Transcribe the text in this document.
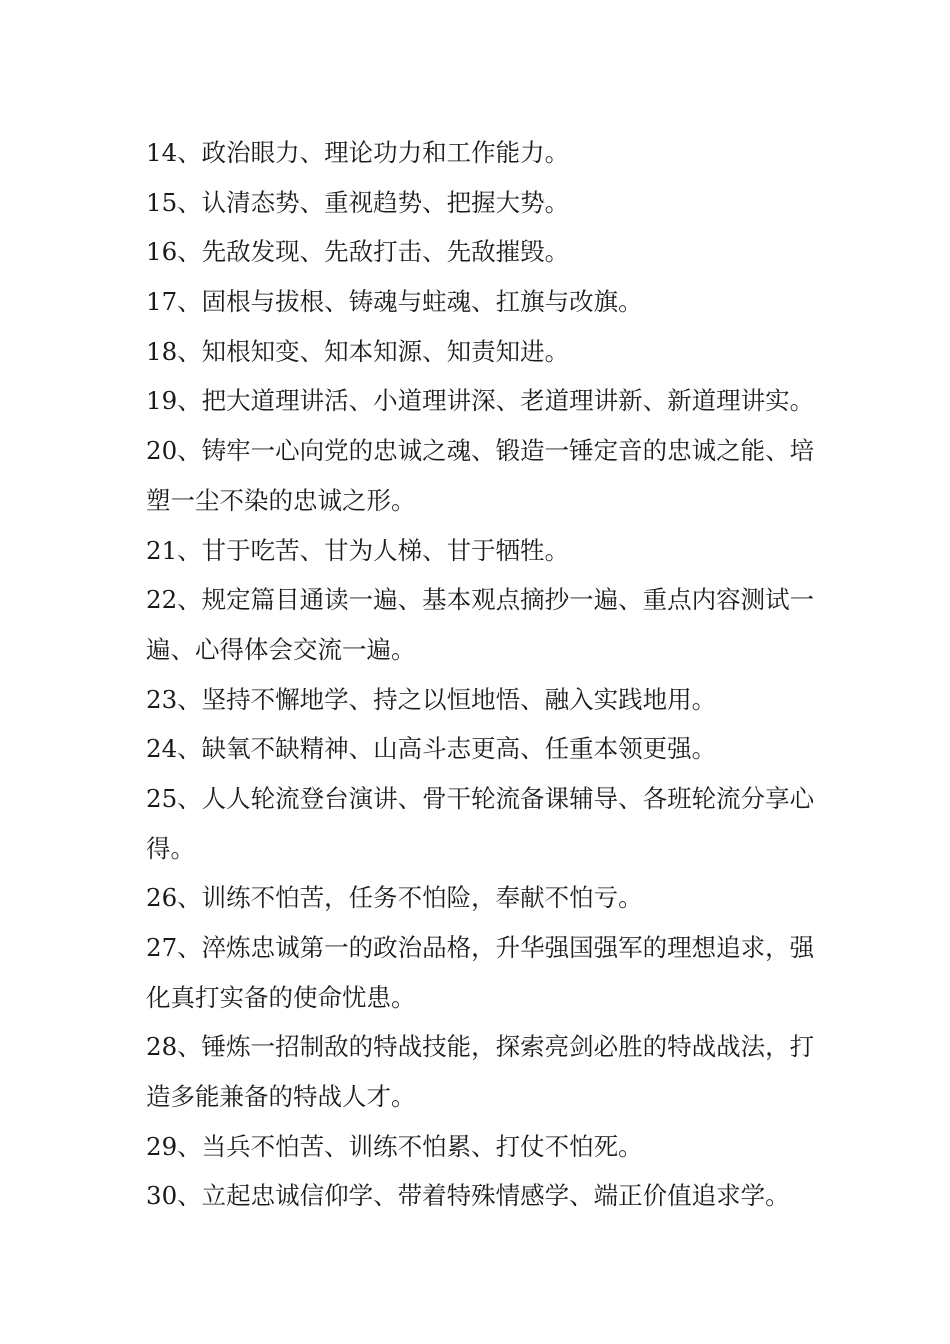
14、政治眼力、理论功力和工作能力。
15、认清态势、重视趋势、把握大势。
16、先敌发现、先敌打击、先敌摧毁。
17、固根与拔根、铸魂与蛀魂、扛旗与改旗。
18、知根知变、知本知源、知责知进。
19、把大道理讲活、小道理讲深、老道理讲新、新道理讲实。
20、铸牢一心向党的忠诚之魂、锻造一锤定音的忠诚之能、培
塑一尘不染的忠诚之形。
21、甘于吃苦、甘为人梯、甘于牺牲。
22、规定篇目通读一遍、基本观点摘抄一遍、重点内容测试一
遍、心得体会交流一遍。
23、坚持不懈地学、持之以恒地悟、融入实践地用。
24、缺氧不缺精神、山高斗志更高、任重本领更强。
25、人人轮流登台演讲、骨干轮流备课辅导、各班轮流分享心
得。
26、训练不怕苦，任务不怕险，奉献不怕亏。
27、淬炼忠诚第一的政治品格，升华强国强军的理想追求，强
化真打实备的使命忧患。
28、锤炼一招制敌的特战技能，探索亮剑必胜的特战战法，打
造多能兼备的特战人才。
29、当兵不怕苦、训练不怕累、打仗不怕死。
30、立起忠诚信仰学、带着特殊情感学、端正价值追求学。
